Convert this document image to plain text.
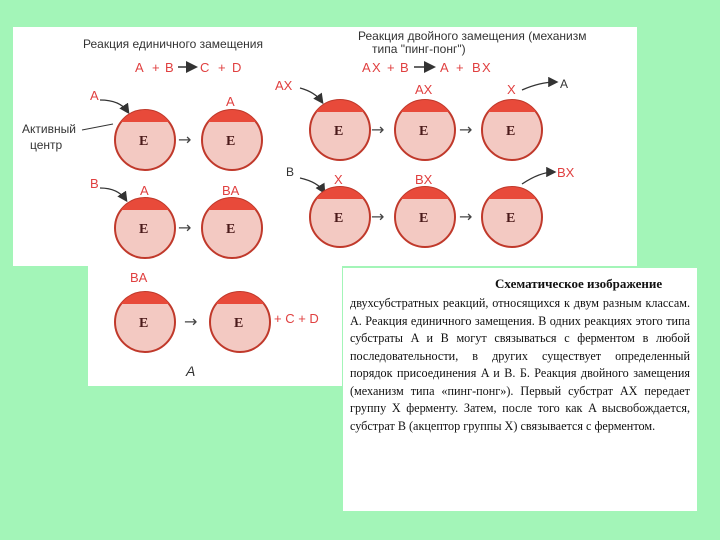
Реакция единичного замещения
A + B C + D
A	A
Активный
центр	E → E
B	A	BA
E → E
BA
E →	E + C + D
А
Реакция двойного замещения (механизм
типа "пинг-понг")
A X + B A + B X
AX	AX	X	A
E → E → E
B	X	BX	BX
E → E → E
Схематическое изображение
двухсубстратных реакций, относящихся к двум разным классам. А. Реакция единичного замещения. В одних реакциях этого типа субстраты A и B могут связываться с ферментом в любой последовательности, в других существует определенный порядок присоединения A и B. Б. Реакция двойного замещения (механизм типа «пинг-понг»). Первый субстрат AX передает группу X ферменту. Затем, после того как A высвобождается, субстрат B (акцептор группы X) связывается с ферментом.
